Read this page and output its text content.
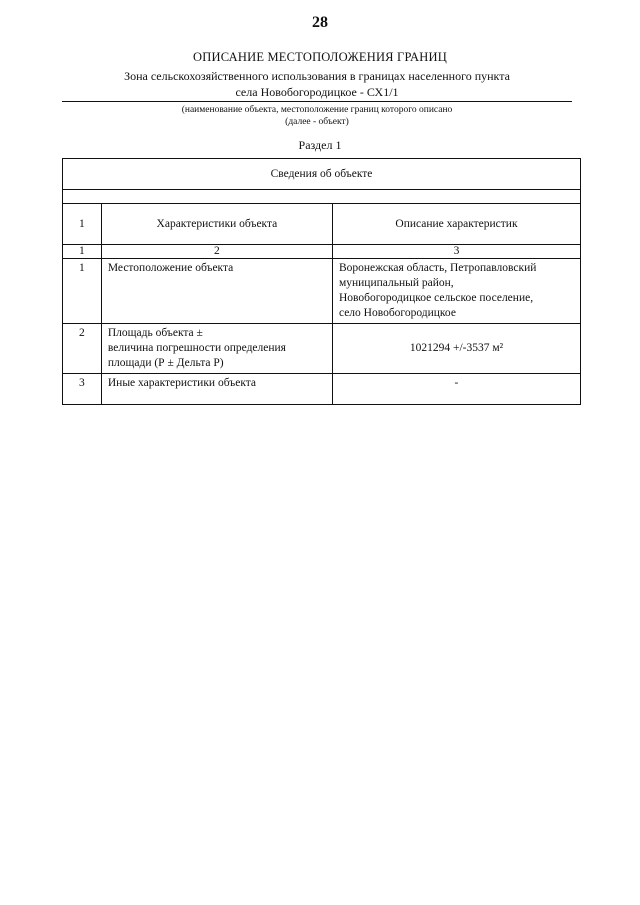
28
ОПИСАНИЕ МЕСТОПОЛОЖЕНИЯ ГРАНИЦ
Зона сельскохозяйственного использования в границах населенного пункта
села Новобогородицкое - СХ1/1
(наименование объекта, местоположение границ которого описано
(далее - объект)
Раздел 1
Сведения об объекте		

1	Характеристики объекта	Описание характеристик
1	2	3
1	Местоположение объекта	Воронежская область, Петропавловский
муниципальный район,
Новобогородицкое сельское поселение,
село Новобогородицкое

2	Площадь объекта ±
величина погрешности определения
площади (Р ± Дельта Р)	1021294 +/-3537 м²
3	Иные характеристики объекта	-
